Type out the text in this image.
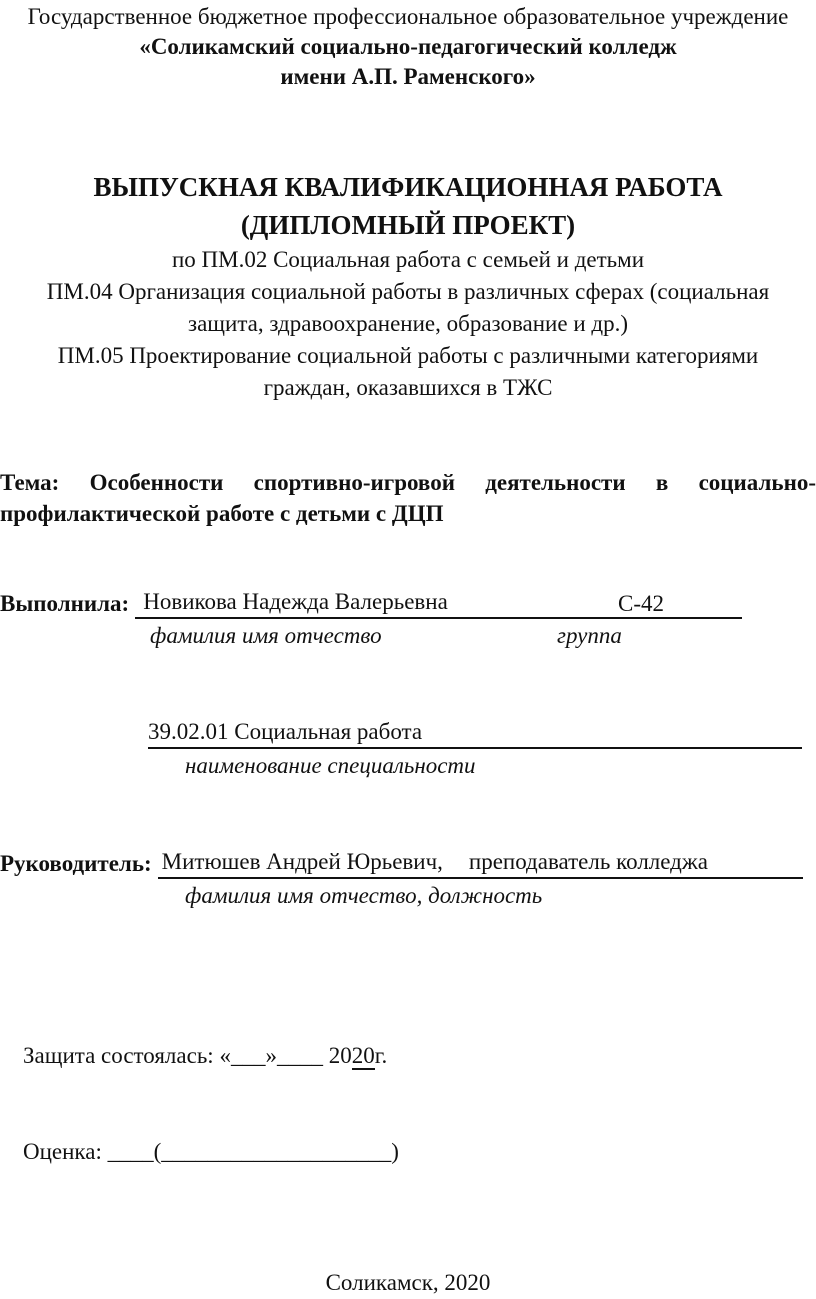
Государственное бюджетное профессиональное образовательное учреждение
«Соликамский социально-педагогический колледж
имени А.П. Раменского»
ВЫПУСКНАЯ КВАЛИФИКАЦИОННАЯ РАБОТА
(ДИПЛОМНЫЙ ПРОЕКТ)
по ПМ.02 Социальная работа с семьей и детьми
ПМ.04 Организация социальной работы в различных сферах (социальная
защита, здравоохранение, образование и др.)
ПМ.05 Проектирование социальной работы с различными категориями
граждан, оказавшихся в ТЖС
Тема: Особенности спортивно-игровой деятельности в социально-
профилактической работе с детьми с ДЦП
Выполнила: Новикова Надежда Валерьевна	С-42
фамилия имя отчество	группа
39.02.01 Социальная работа
наименование специальности
Руководитель: Митюшев Андрей Юрьевич, преподаватель колледжа
фамилия имя отчество, должность

Защита состоялась: «___»____ 2020г.

Оценка: ____(____________________)

Соликамск, 2020
